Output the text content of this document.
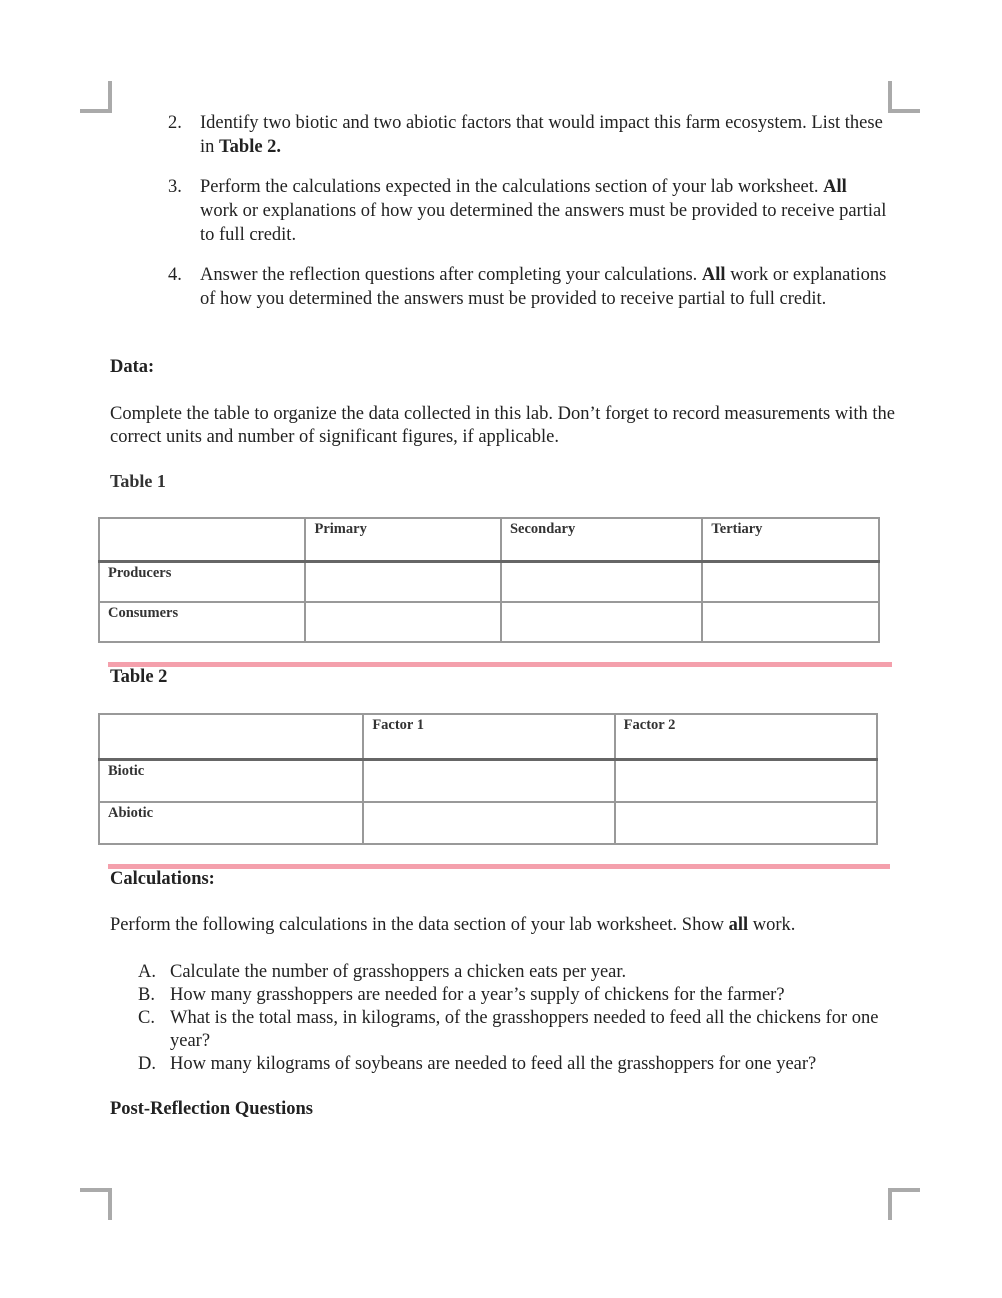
2. Identify two biotic and two abiotic factors that would impact this farm ecosystem. List these in Table 2.
3. Perform the calculations expected in the calculations section of your lab worksheet. All work or explanations of how you determined the answers must be provided to receive partial to full credit.
4. Answer the reflection questions after completing your calculations. All work or explanations of how you determined the answers must be provided to receive partial to full credit.
Data:
Complete the table to organize the data collected in this lab. Don’t forget to record measurements with the correct units and number of significant figures, if applicable.
Table 1
	Primary	Secondary	Tertiary
Producers			
Consumers			
Table 2
	Factor 1	Factor 2
Biotic		
Abiotic		
Calculations:
Perform the following calculations in the data section of your lab worksheet. Show all work.
A. Calculate the number of grasshoppers a chicken eats per year.
B. How many grasshoppers are needed for a year’s supply of chickens for the farmer?
C. What is the total mass, in kilograms, of the grasshoppers needed to feed all the chickens for one year?
D. How many kilograms of soybeans are needed to feed all the grasshoppers for one year?
Post-Reflection Questions
